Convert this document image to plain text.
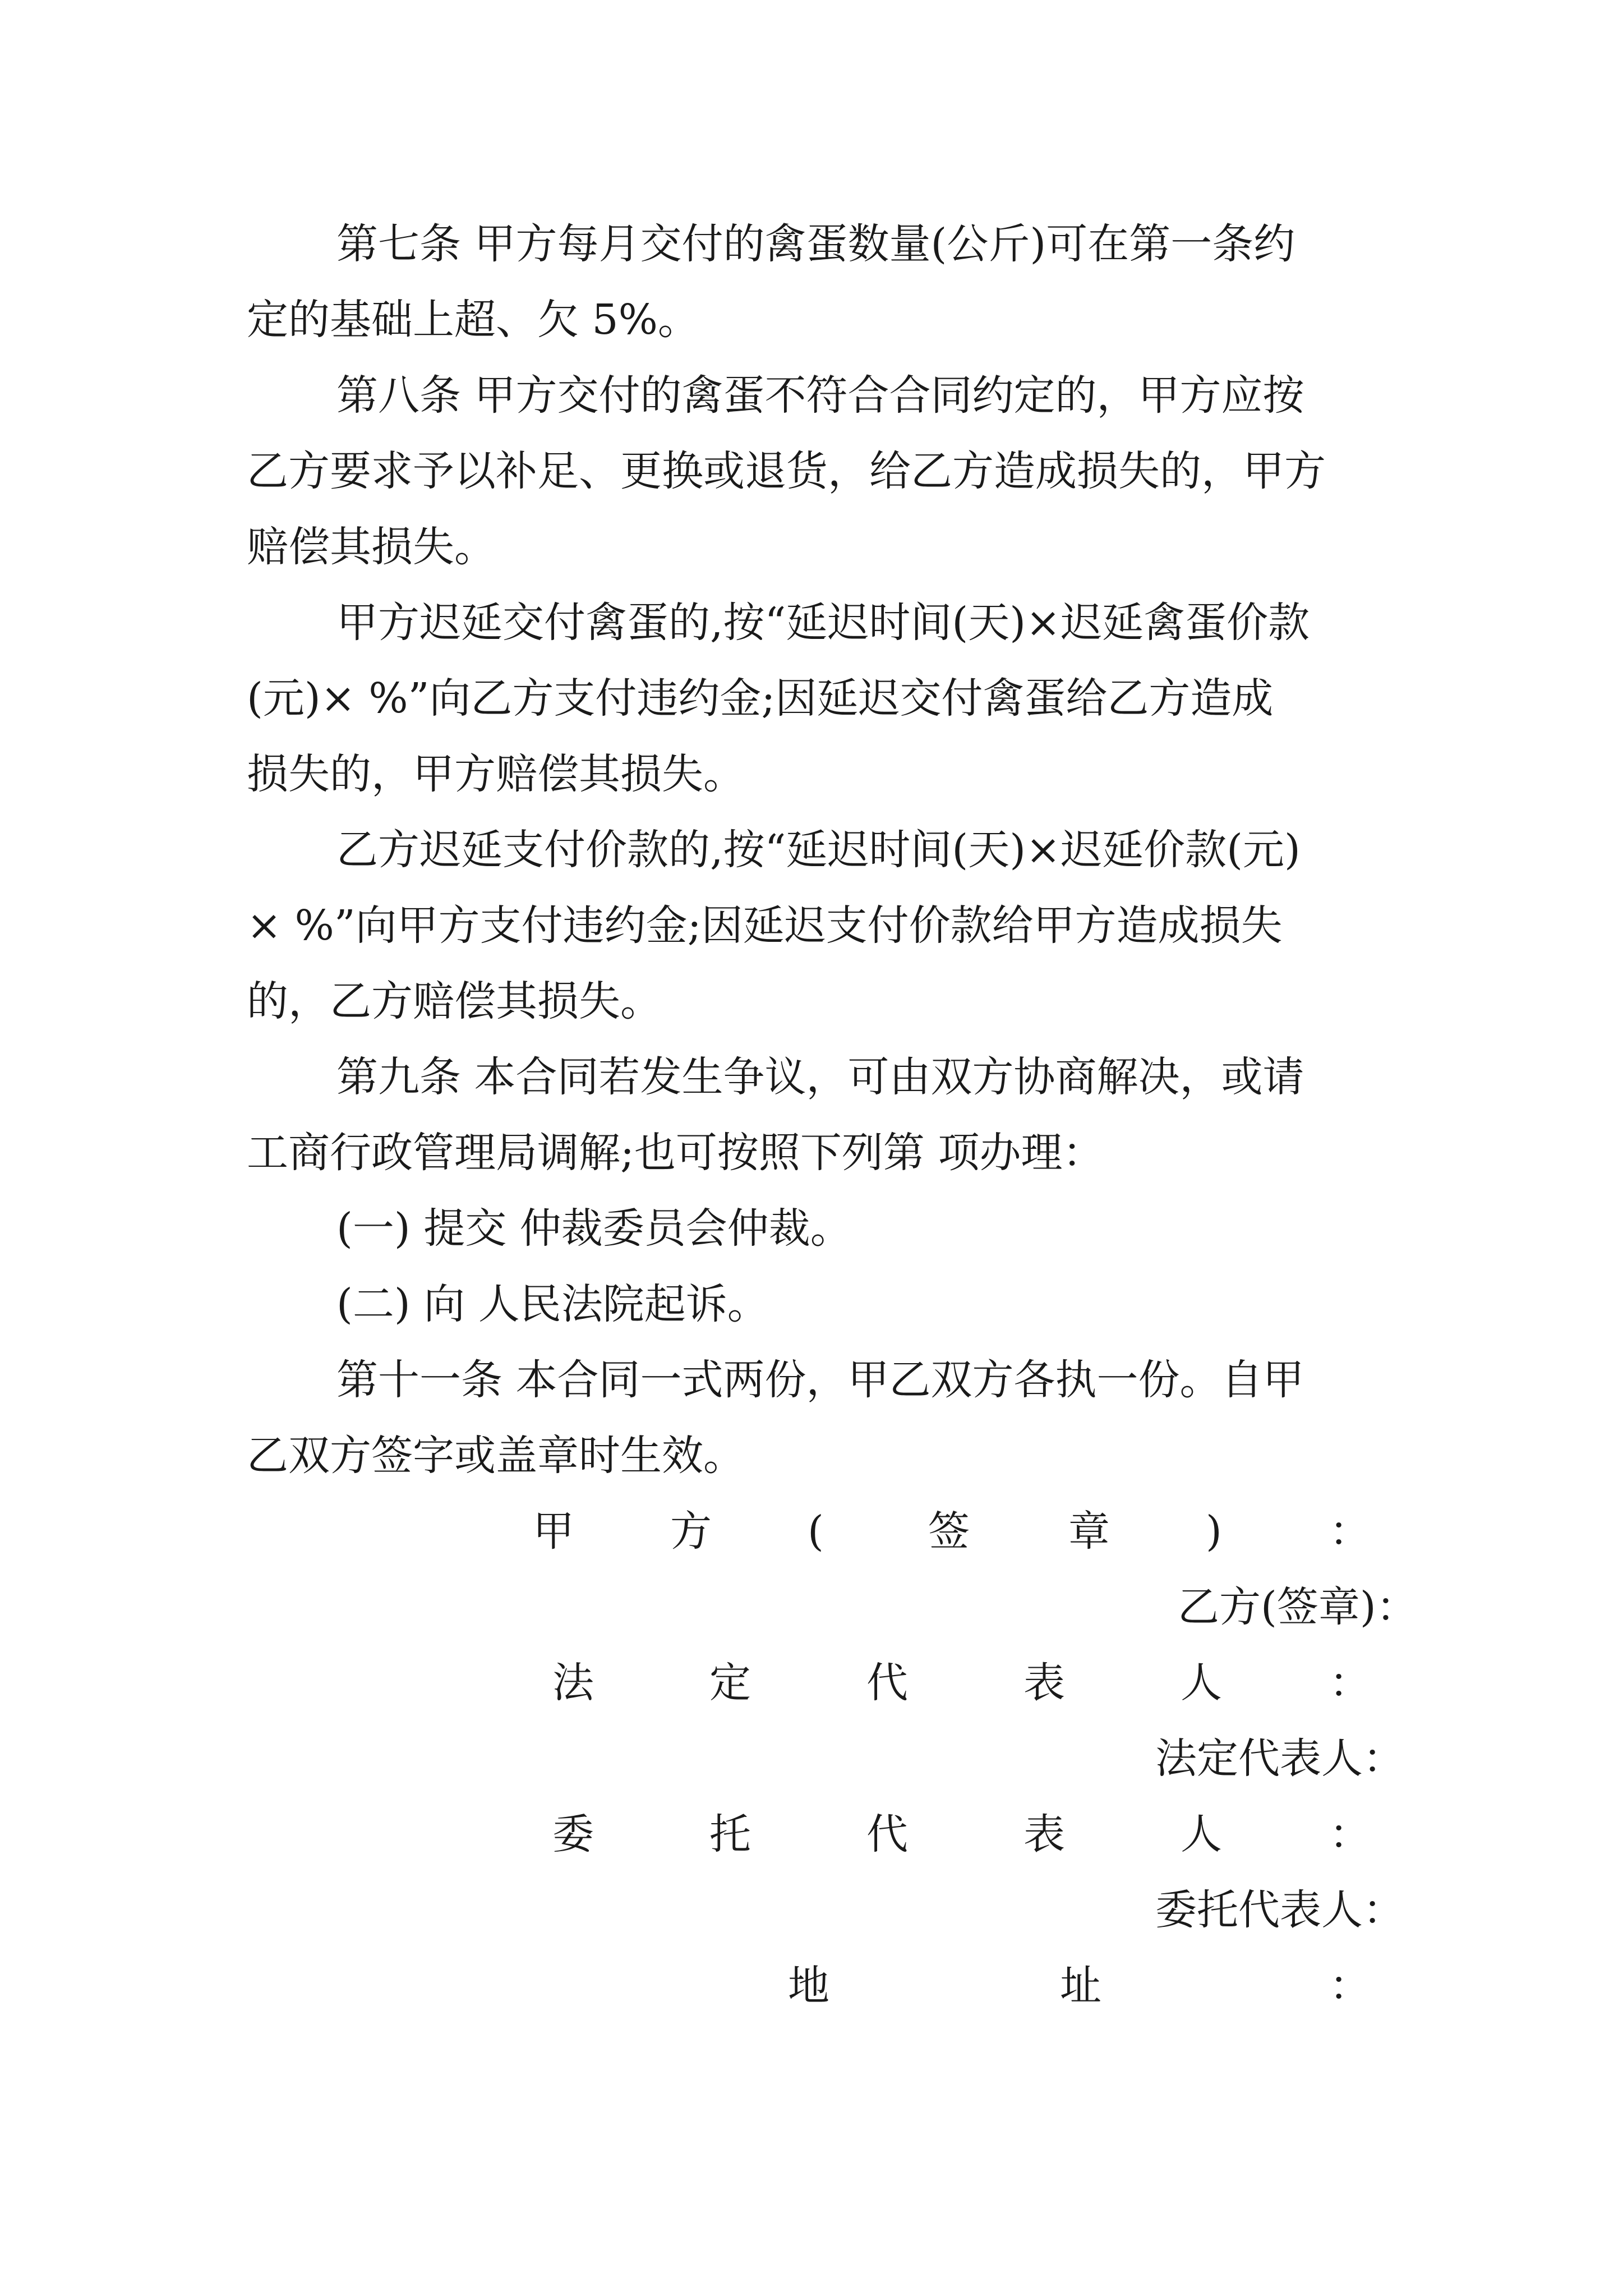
第七条 甲方每月交付的禽蛋数量(公斤)可在第一条约

定的基础上超、欠 5%。

第八条 甲方交付的禽蛋不符合合同约定的，甲方应按

乙方要求予以补足、更换或退货，给乙方造成损失的，甲方

赔偿其损失。

甲方迟延交付禽蛋的,按“延迟时间(天)×迟延禽蛋价款

(元)× %”向乙方支付违约金;因延迟交付禽蛋给乙方造成

损失的，甲方赔偿其损失。

乙方迟延支付价款的,按“延迟时间(天)×迟延价款(元)

× %”向甲方支付违约金;因延迟支付价款给甲方造成损失

的，乙方赔偿其损失。

第九条 本合同若发生争议，可由双方协商解决，或请

工商行政管理局调解;也可按照下列第 项办理：

(一) 提交 仲裁委员会仲裁。

(二) 向 人民法院起诉。

第十一条 本合同一式两份，甲乙双方各执一份。自甲

乙双方签字或盖章时生效。

甲 方 (	签 章 )	：

乙方(签章)：

法	定	代	表	人	：

法定代表人：

委	托	代	表	人	：

委托代表人：

地	址	：
